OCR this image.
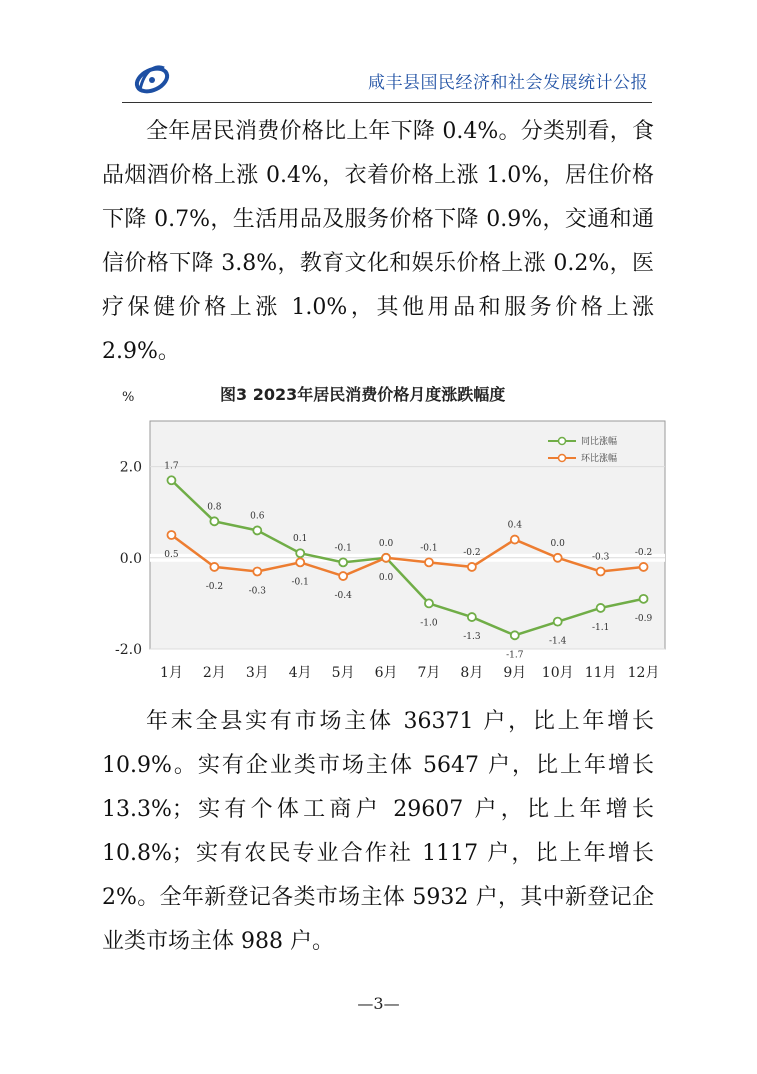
咸丰县国民经济和社会发展统计公报

全年居民消费价格比上年下降 0.4%。分类别看，食品烟酒价格上涨 0.4%，衣着价格上涨 1.0%，居住价格下降 0.7%，生活用品及服务价格下降 0.9%，交通和通信价格下降 3.8%，教育文化和娱乐价格上涨 0.2%，医疗保健价格上涨 1.0%，其他用品和服务价格上涨 2.9%。

图3 2023年居民消费价格月度涨跌幅度
%
2.0
0.0
-2.0
1月 2月 3月 4月 5月 6月 7月 8月 9月 10月 11月 12月
1.7
0.8
0.6
0.1
-0.1	0.0
-1.0
-1.3
-1.7
-1.4
-1.1
-0.9
0.5
-0.2	-0.3
-0.1
-0.4
0.0
-0.1	-0.2
0.4
0.0
-0.3	-0.2
同比涨幅
环比涨幅

年末全县实有市场主体 36371 户，比上年增长 10.9%。实有企业类市场主体 5647 户，比上年增长 13.3%；实有个体工商户 29607 户，比上年增长 10.8%；实有农民专业合作社 1117 户，比上年增长 2%。全年新登记各类市场主体 5932 户，其中新登记企业类市场主体 988 户。

—3—
